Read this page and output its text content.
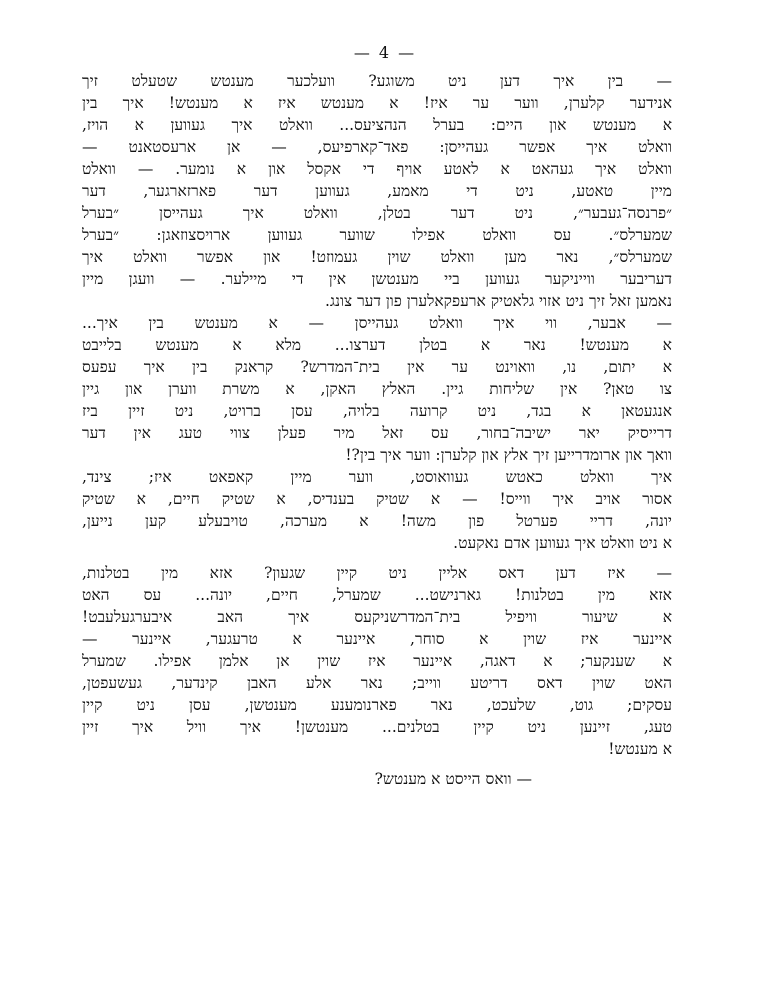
— 4 —
— בין איך דען ניט משוגע? וועלכער מענטש שטעלט זיך
אנידער קלערן, ווער ער איז! א מענטש איז א מענטש! איך בין
א מענטש און היים: בערל הנהציעס... וואלט איך געווען א הויז,
וואלט איך אפשר געהייסן: פאד־קארפיעס, — אן ארעסטאנט —
וואלט איך געהאט א לאטע אויף די אקסל און א נומער. — וואלט
מיין טאטע, ניט די מאמע, געווען דער פארזארגער, דער
״פרנסה־געבער״, ניט דער בטלן, וואלט איך געהייסן ״בערל
שמערלס״. עס וואלט אפילו שווער געווען ארויסצוזאגן: ״בערל
שמערלס״, נאר מען וואלט שוין געמוזט! און אפשר וואלט איך
דעריבער ווייניקער געווען ביי מענטשן אין די מיילער. — וועגן מיין
נאמען זאל זיך ניט אזוי גלאטיק ארעפקאלערן פון דער צונג.
— אבער, ווי איך וואלט געהייסן — א מענטש בין איך...
א מענטש! נאר א בטלן דערצו... מלא א מענטש בלייבט
א יתום, נו, וואוינט ער אין בית־המדרש? קראנק בין איך עפעס
צו טאן? אין שליחות גיין. האלץ האקן, א משרת ווערן און גיין
אנגעטאן א בגד, ניט קרועה בלויה, עסן ברויט, ניט זיין ביז
דרייסיק יאר ישיבה־בחור, עס זאל מיר פעלן צווי טעג אין דער
וואך און ארומדרייען זיך אלץ און קלערן: ווער איך בין?!
איך וואלט כאטש געוואוסט, ווער מיין קאפאט איז; צינד,
אסור אויב איך ווייס! — א שטיק בענדיס, א שטיק חיים, א שטיק
יונה, דריי פערטל פון משה! א מערכה, טויבעלע קען נייען,
א ניט וואלט איך געווען אדם נאקעט.
— איז דען דאס אליין ניט קיין שגעון? אזא מין בטלנות,
אזא מין בטלנות! גארנישט... שמערל, חיים, יונה... עס האט
א שיעור וויפיל בית־המדרשניקעס איך האב איבערגעלעבט!
איינער איז שוין א סוחר, איינער א טרעגער, איינער —
א שענקער; א דאגה, איינער איז שוין אן אלמן אפילו. שמערל
האט שוין דאס דריטע ווייב; נאר אלע האבן קינדער, געשעפטן,
עסקים; גוט, שלעכט, נאר פארנומענע מענטשן, עסן ניט קיין
טעג, זיינען ניט קיין בטלנים... מענטשן! איך וויל איך זיין
א מענטש!
— וואס הייסט א מענטש?
